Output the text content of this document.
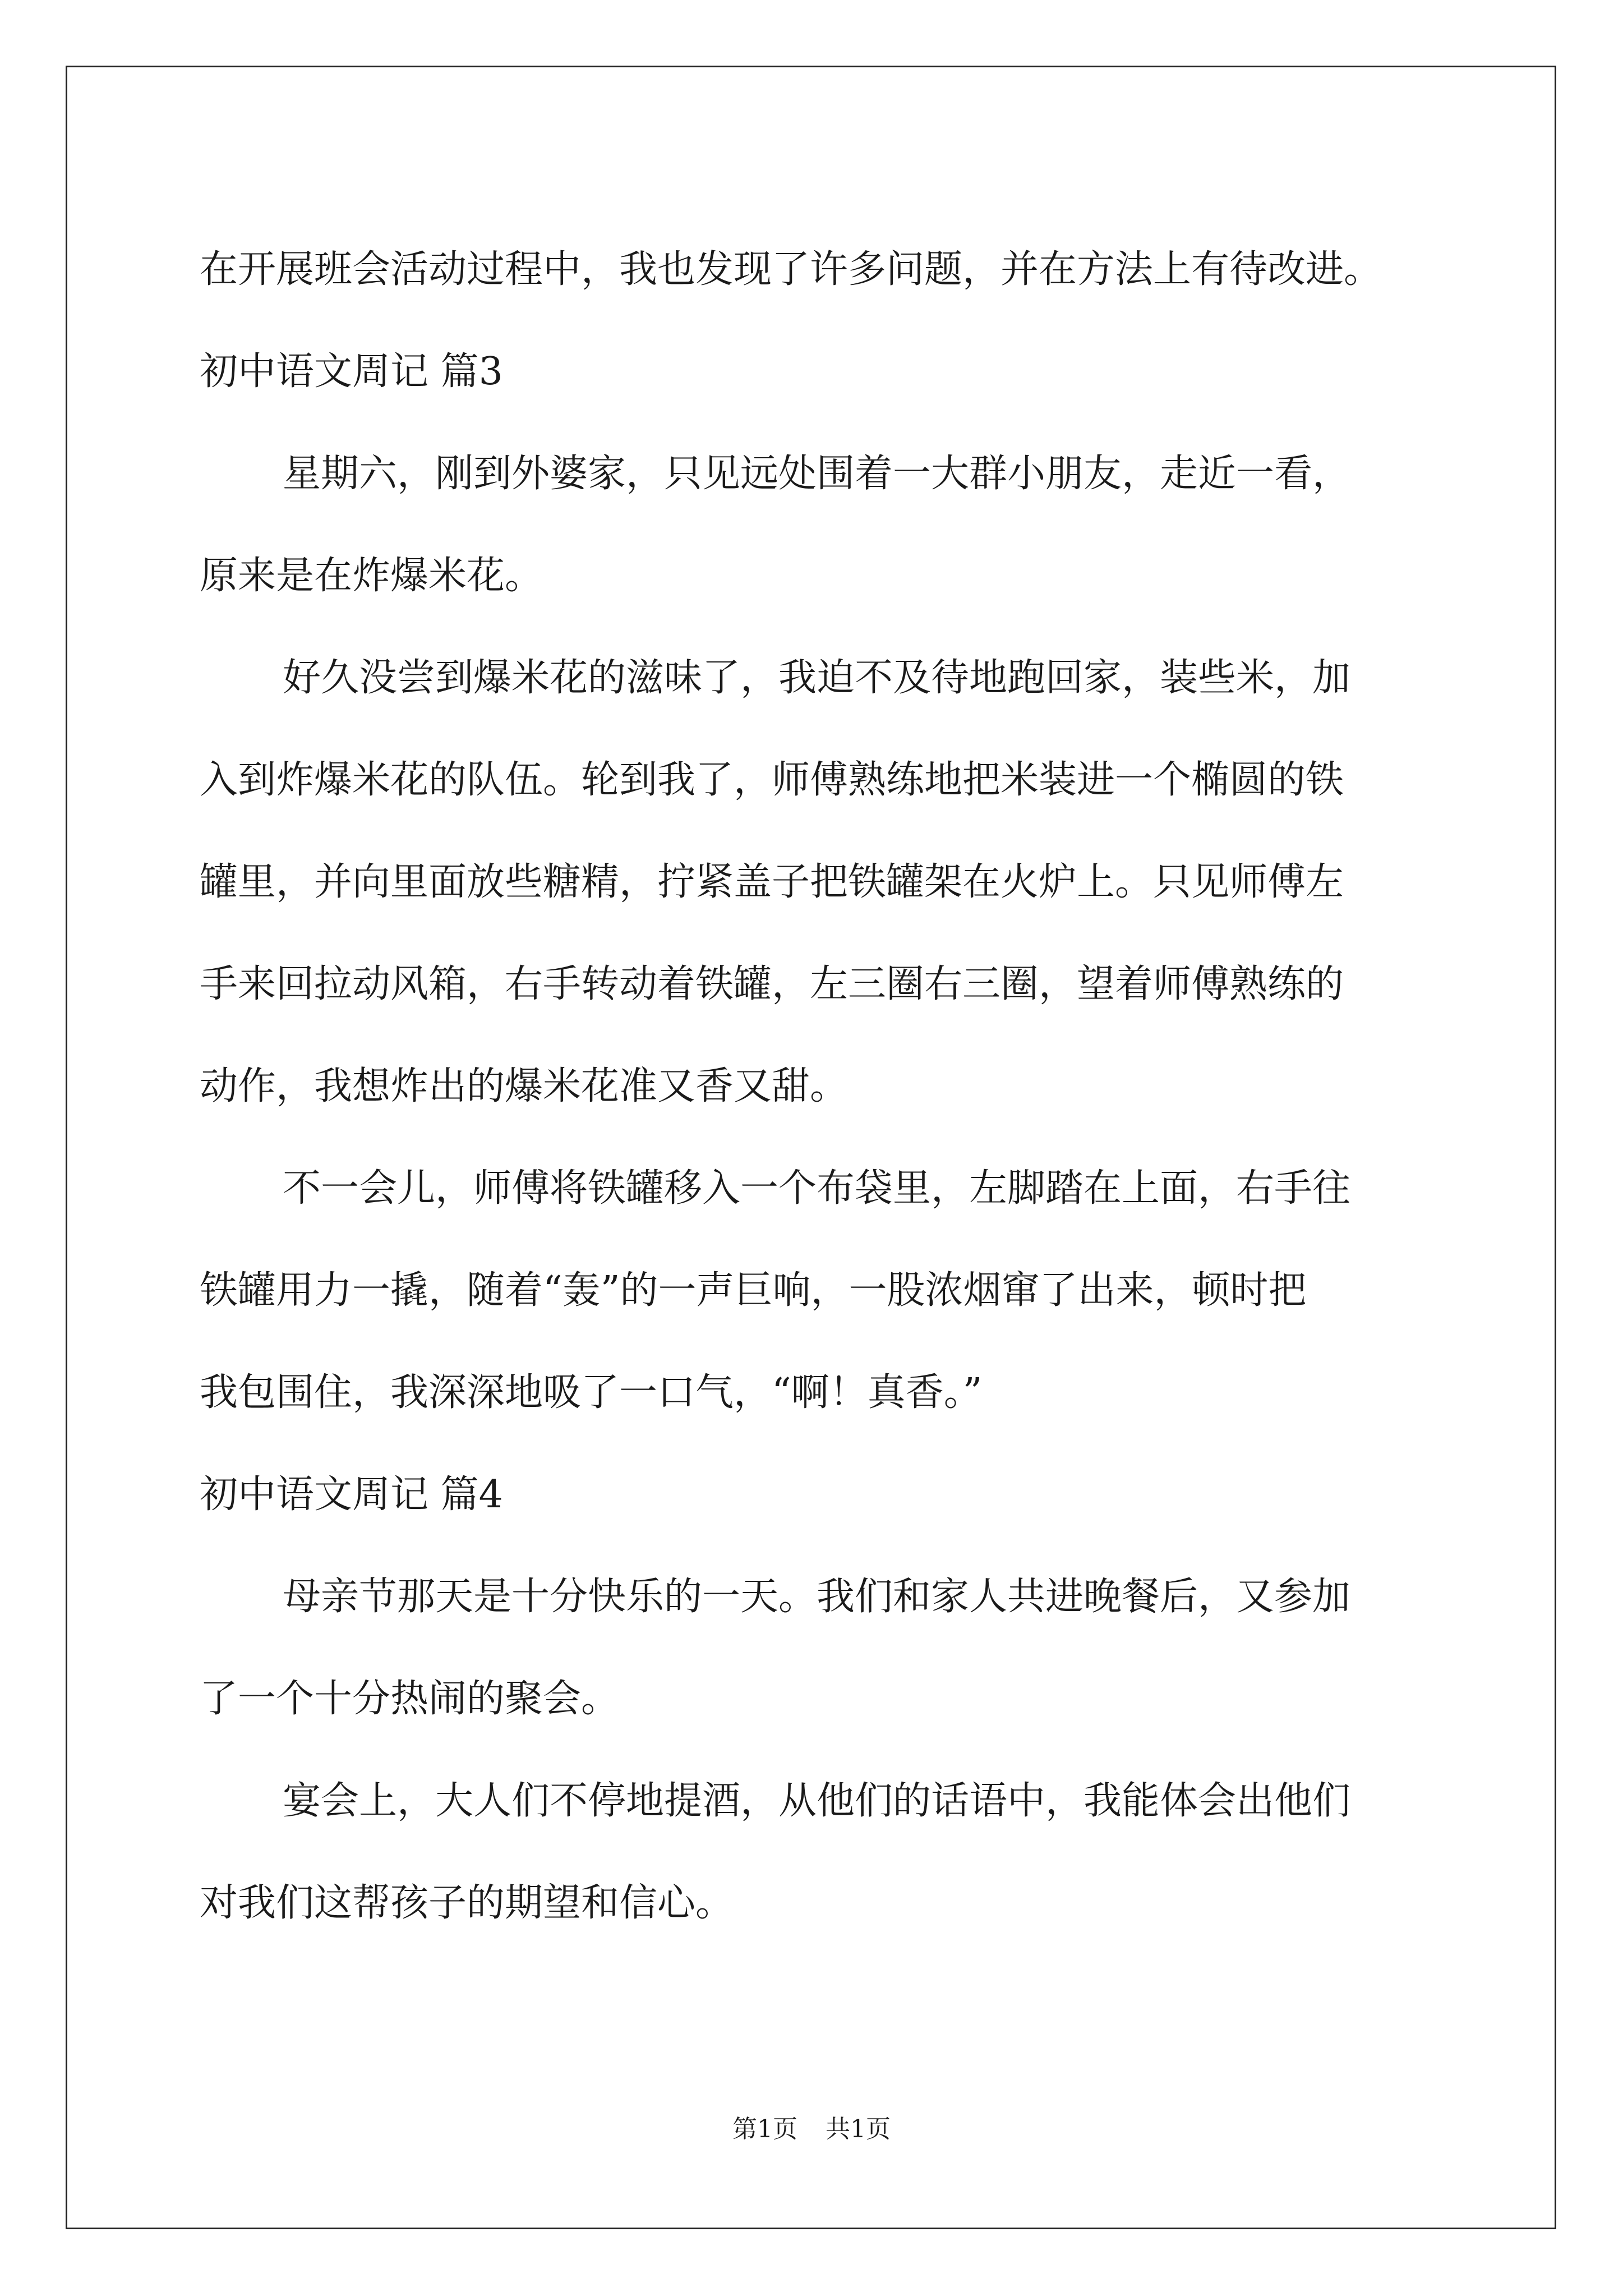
在开展班会活动过程中，我也发现了许多问题，并在方法上有待改进。
初中语文周记 篇3
星期六，刚到外婆家，只见远处围着一大群小朋友，走近一看，
原来是在炸爆米花。
好久没尝到爆米花的滋味了，我迫不及待地跑回家，装些米，加
入到炸爆米花的队伍。轮到我了，师傅熟练地把米装进一个椭圆的铁
罐里，并向里面放些糖精，拧紧盖子把铁罐架在火炉上。只见师傅左
手来回拉动风箱，右手转动着铁罐，左三圈右三圈，望着师傅熟练的
动作，我想炸出的爆米花准又香又甜。
不一会儿，师傅将铁罐移入一个布袋里，左脚踏在上面，右手往
铁罐用力一撬，随着“轰”的一声巨响，一股浓烟窜了出来，顿时把
我包围住，我深深地吸了一口气，“啊！真香。”
初中语文周记 篇4
母亲节那天是十分快乐的一天。我们和家人共进晚餐后，又参加
了一个十分热闹的聚会。
宴会上，大人们不停地提酒，从他们的话语中，我能体会出他们
对我们这帮孩子的期望和信心。
第1页 共1页
